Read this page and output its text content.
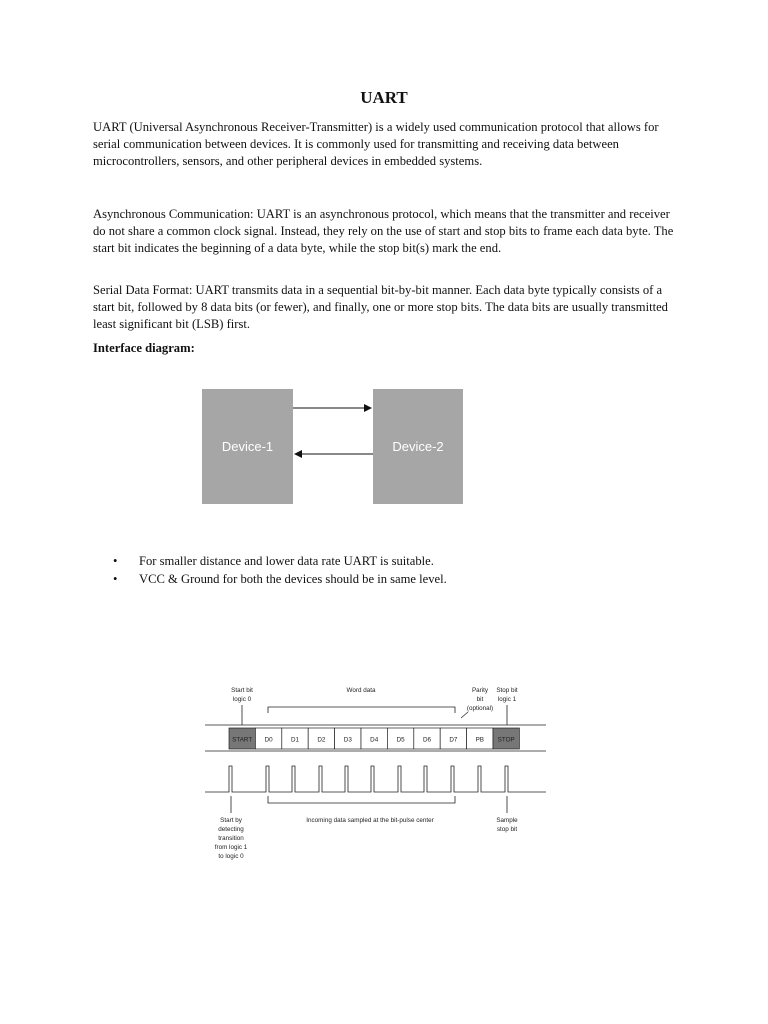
UART

UART (Universal Asynchronous Receiver-Transmitter) is a widely used communication protocol that allows for serial communication between devices. It is commonly used for transmitting and receiving data between microcontrollers, sensors, and other peripheral devices in embedded systems.

Asynchronous Communication: UART is an asynchronous protocol, which means that the transmitter and receiver do not share a common clock signal. Instead, they rely on the use of start and stop bits to frame each data byte. The start bit indicates the beginning of a data byte, while the stop bit(s) mark the end.

Serial Data Format: UART transmits data in a sequential bit-by-bit manner. Each data byte typically consists of a start bit, followed by 8 data bits (or fewer), and finally, one or more stop bits. The data bits are usually transmitted least significant bit (LSB) first.

Interface diagram:

Device-1	Device-2
• For smaller distance and lower data rate UART is suitable.
• VCC & Ground for both the devices should be in same level.
Start bit
logic 0
Word data	Parity
bit
(optional)
Stop bit
logic 1
START D0	D1	D2	D3	D4	D5	D6	D7	PB STOP
Incoming data sampled at the bit-pulse center
Start by
detecting
transition
from logic 1
to logic 0
Sample
stop bit
